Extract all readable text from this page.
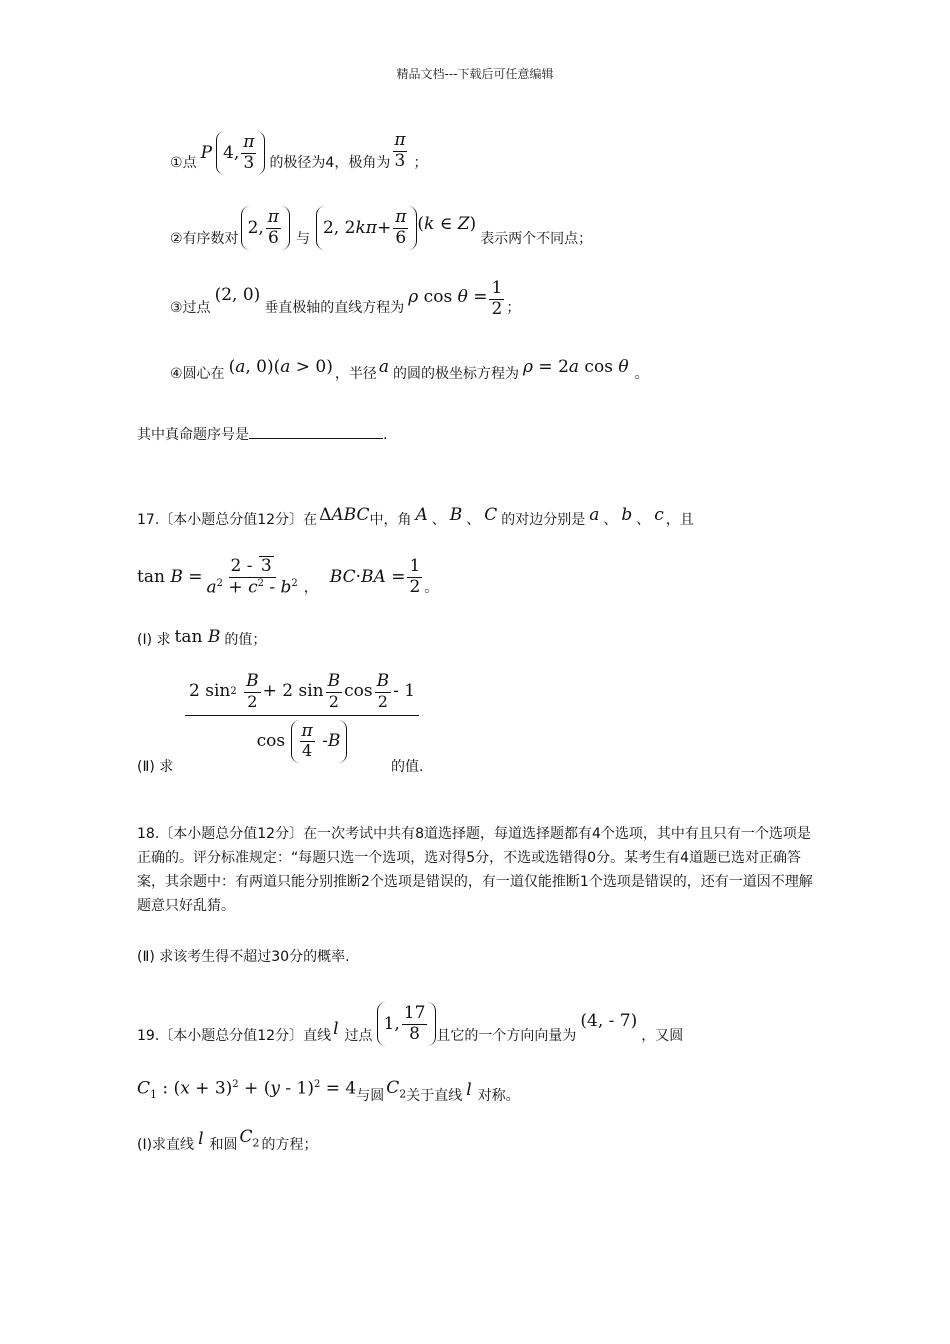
精品文档---下载后可任意编辑
① 点
P 4, $\frac{\pi}{3}$ 的极径为4，极角为 $\frac{\pi}{3}$ ；
② 有序数对
2, $\frac{\pi}{6}$ 与
2, 2 k $\pi + \frac{\pi}{6} (k$ ∈ Z)
表示两个不同点；
③ 过点
(2, 0)
垂直极轴的直线方程为
ρ $\cos \theta = \frac{1}{2}$ ；
④ 圆心在 (a, 0)(a > 0) ，半径 a 的圆的极坐标方程为 ρ = 2a cos θ 。
其中真命题序号是	.
17.〔本小题总分值12分〕在 ΔABC 中，角 A 、 B 、 C 的对边分别是 a 、 b 、 c ，且
$\tan B = \frac{2 - 3}{a^2 + c^2 - b^2}$ ，
$BC\cdot BA = \frac{1}{2}$ 。
(Ⅰ) 求 tan B 的值；
(Ⅱ) 求
2 sin 2
$\frac{B}{2} + 2$ $\sin \frac{B}{2}$ $\cos \frac{B}{2} - 1$
$\cos \frac{\pi}{4}$ - B
的值.
18.〔本小题总分值12分〕在一次考试中共有8道选择题，每道选择题都有4个选项，其中有且只有一个选项是正确的。评分标准规定：“每题只选一个选项，选对得5分，不选或选错得0分。某考生有4道题已选对正确答案，其余题中：有两道只能分别推断2个选项是错误的，有一道仅能推断1个选项是错误的，还有一道因不理解题意只好乱猜。
(Ⅱ) 求该考生得不超过30分的概率.
19.〔本小题总分值12分〕直线 l 过点
1, $\frac{17}{8}$ 且它的一个方向向量为
(4, - 7)
，又圆
$C_1$ : $(x + 3)^2 + (y - 1)^2 = 4$ 与圆 $C_2$ 关于直线 l 对称。
(Ⅰ)求直线 l 和圆 $C_2$ 的方程；
